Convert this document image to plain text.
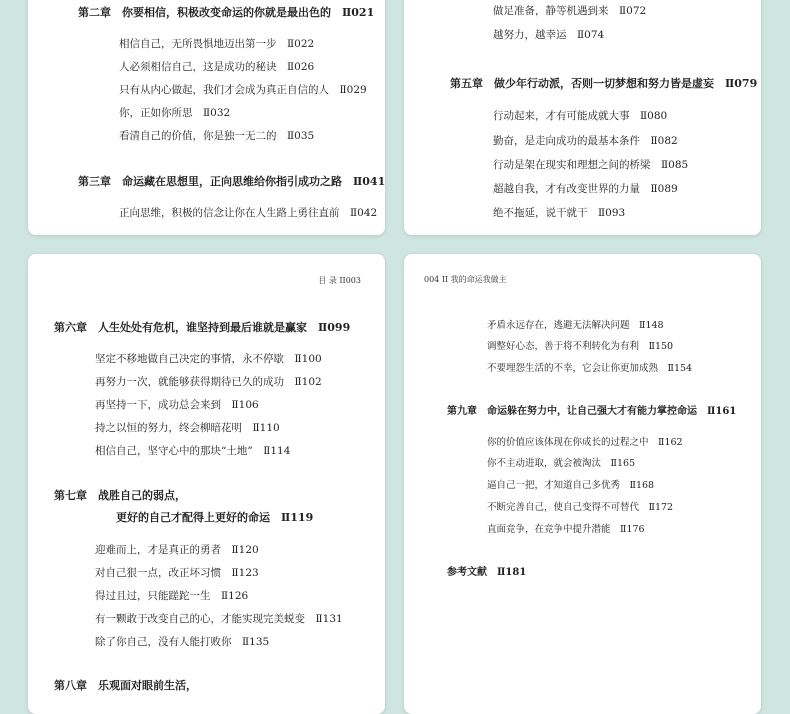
第二章　你要相信，积极改变命运的你就是最出色的　Ⅱ021
相信自己，无所畏惧地迈出第一步　Ⅱ022
人必须相信自己，这是成功的秘诀　Ⅱ026
只有从内心做起，我们才会成为真正自信的人　Ⅱ029
你，正如你所思　Ⅱ032
看清自己的价值，你是独一无二的　Ⅱ035
第三章　命运藏在思想里，正向思维给你指引成功之路　Ⅱ041
正向思维，积极的信念让你在人生路上勇往直前　Ⅱ042
做足准备，静等机遇到来　Ⅱ072
越努力，越幸运　Ⅱ074
第五章　做少年行动派，否则一切梦想和努力皆是虚妄　Ⅱ079
行动起来，才有可能成就大事　Ⅱ080
勤奋，是走向成功的最基本条件　Ⅱ082
行动是架在现实和理想之间的桥梁　Ⅱ085
超越自我，才有改变世界的力量　Ⅱ089
绝不拖延，说干就干　Ⅱ093
目 录 ⅠⅠ003
第六章　人生处处有危机，谁坚持到最后谁就是赢家　Ⅱ099
坚定不移地做自己决定的事情，永不停歇　Ⅱ100
再努力一次，就能够获得期待已久的成功　Ⅱ102
再坚持一下，成功总会来到　Ⅱ106
持之以恒的努力，终会柳暗花明　Ⅱ110
相信自己，坚守心中的那块“土地”　Ⅱ114
第七章　战胜自己的弱点，
更好的自己才配得上更好的命运　Ⅱ119
迎难而上，才是真正的勇者　Ⅱ120
对自己狠一点，改正坏习惯　Ⅱ123
得过且过，只能蹉跎一生　Ⅱ126
有一颗敢于改变自己的心，才能实现完美蜕变　Ⅱ131
除了你自己，没有人能打败你　Ⅱ135
第八章　乐观面对眼前生活，
004 ⅠⅠ 我的命运我做主
矛盾永远存在，逃避无法解决问题　Ⅱ148
调整好心态，善于将不利转化为有利　Ⅱ150
不要埋怨生活的不幸，它会让你更加成熟　Ⅱ154
第九章　命运躲在努力中，让自己强大才有能力掌控命运　Ⅱ161
你的价值应该体现在你成长的过程之中　Ⅱ162
你不主动进取，就会被淘汰　Ⅱ165
逼自己一把，才知道自己多优秀　Ⅱ168
不断完善自己，使自己变得不可替代　Ⅱ172
直面竞争，在竞争中提升潜能　Ⅱ176
参考文献　Ⅱ181
